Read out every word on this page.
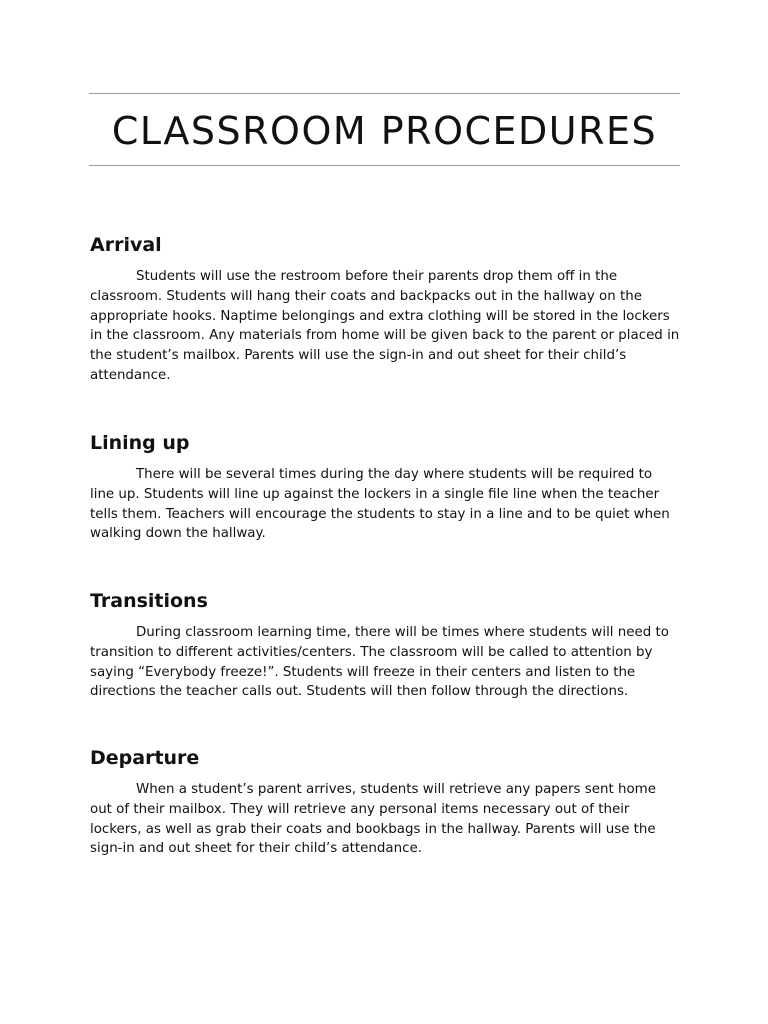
CLASSROOM PROCEDURES
Arrival

Students will use the restroom before their parents drop them off in the classroom. Students will hang their coats and backpacks out in the hallway on the appropriate hooks. Naptime belongings and extra clothing will be stored in the lockers in the classroom. Any materials from home will be given back to the parent or placed in the student’s mailbox. Parents will use the sign-in and out sheet for their child’s attendance.

Lining up

There will be several times during the day where students will be required to line up. Students will line up against the lockers in a single file line when the teacher tells them. Teachers will encourage the students to stay in a line and to be quiet when walking down the hallway.

Transitions

During classroom learning time, there will be times where students will need to transition to different activities/centers. The classroom will be called to attention by saying “Everybody freeze!”. Students will freeze in their centers and listen to the directions the teacher calls out. Students will then follow through the directions.

Departure

When a student’s parent arrives, students will retrieve any papers sent home out of their mailbox. They will retrieve any personal items necessary out of their lockers, as well as grab their coats and bookbags in the hallway. Parents will use the sign-in and out sheet for their child’s attendance.
